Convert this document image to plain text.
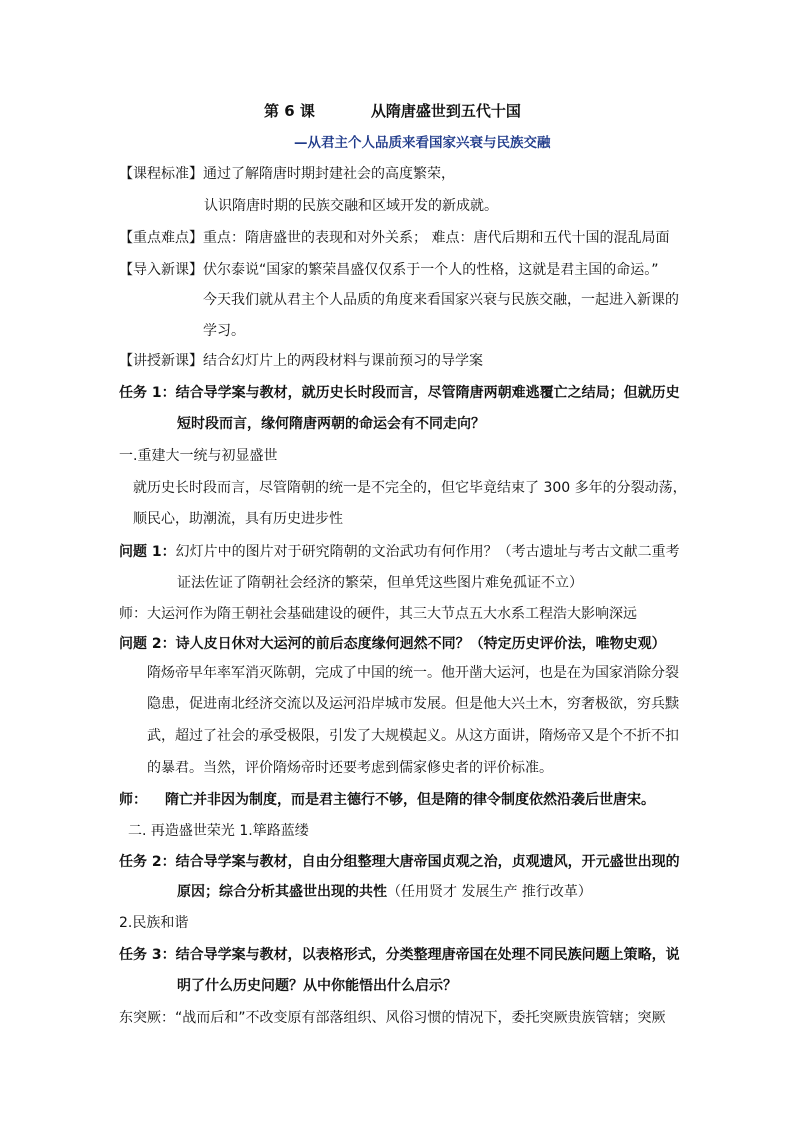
第 6 课	从隋唐盛世到五代十国
—从君主个人品质来看国家兴衰与民族交融
【课程标准】通过了解隋唐时期封建社会的高度繁荣，
认识隋唐时期的民族交融和区域开发的新成就。
【重点难点】重点：隋唐盛世的表现和对外关系； 难点：唐代后期和五代十国的混乱局面
【导入新课】伏尔泰说“国家的繁荣昌盛仅仅系于一个人的性格，这就是君主国的命运。”
今天我们就从君主个人品质的角度来看国家兴衰与民族交融，一起进入新课的
学习。
【讲授新课】结合幻灯片上的两段材料与课前预习的导学案
任务 1：结合导学案与教材，就历史长时段而言，尽管隋唐两朝难逃覆亡之结局；但就历史
短时段而言，缘何隋唐两朝的命运会有不同走向？
一.重建大一统与初显盛世
就历史长时段而言，尽管隋朝的统一是不完全的，但它毕竟结束了 300 多年的分裂动荡，
顺民心，助潮流，具有历史进步性
问题 1：幻灯片中的图片对于研究隋朝的文治武功有何作用？（考古遗址与考古文献二重考
证法佐证了隋朝社会经济的繁荣，但单凭这些图片难免孤证不立）
师：大运河作为隋王朝社会基础建设的硬件，其三大节点五大水系工程浩大影响深远
问题 2：诗人皮日休对大运河的前后态度缘何迥然不同？（特定历史评价法，唯物史观）
隋炀帝早年率军消灭陈朝，完成了中国的统一。他开凿大运河，也是在为国家消除分裂
隐患，促进南北经济交流以及运河沿岸城市发展。但是他大兴土木，穷奢极欲，穷兵黩
武，超过了社会的承受极限，引发了大规模起义。从这方面讲，隋炀帝又是个不折不扣
的暴君。当然，评价隋炀帝时还要考虑到儒家修史者的评价标准。
师： 隋亡并非因为制度，而是君主德行不够，但是隋的律令制度依然沿袭后世唐宋。
二. 再造盛世荣光 1.筚路蓝缕
任务 2：结合导学案与教材，自由分组整理大唐帝国贞观之治，贞观遗风，开元盛世出现的
原因；综合分析其盛世出现的共性（任用贤才 发展生产 推行改革）
2.民族和谐
任务 3：结合导学案与教材，以表格形式，分类整理唐帝国在处理不同民族问题上策略，说
明了什么历史问题？从中你能悟出什么启示？
东突厥：“战而后和”不改变原有部落组织、风俗习惯的情况下，委托突厥贵族管辖；突厥
